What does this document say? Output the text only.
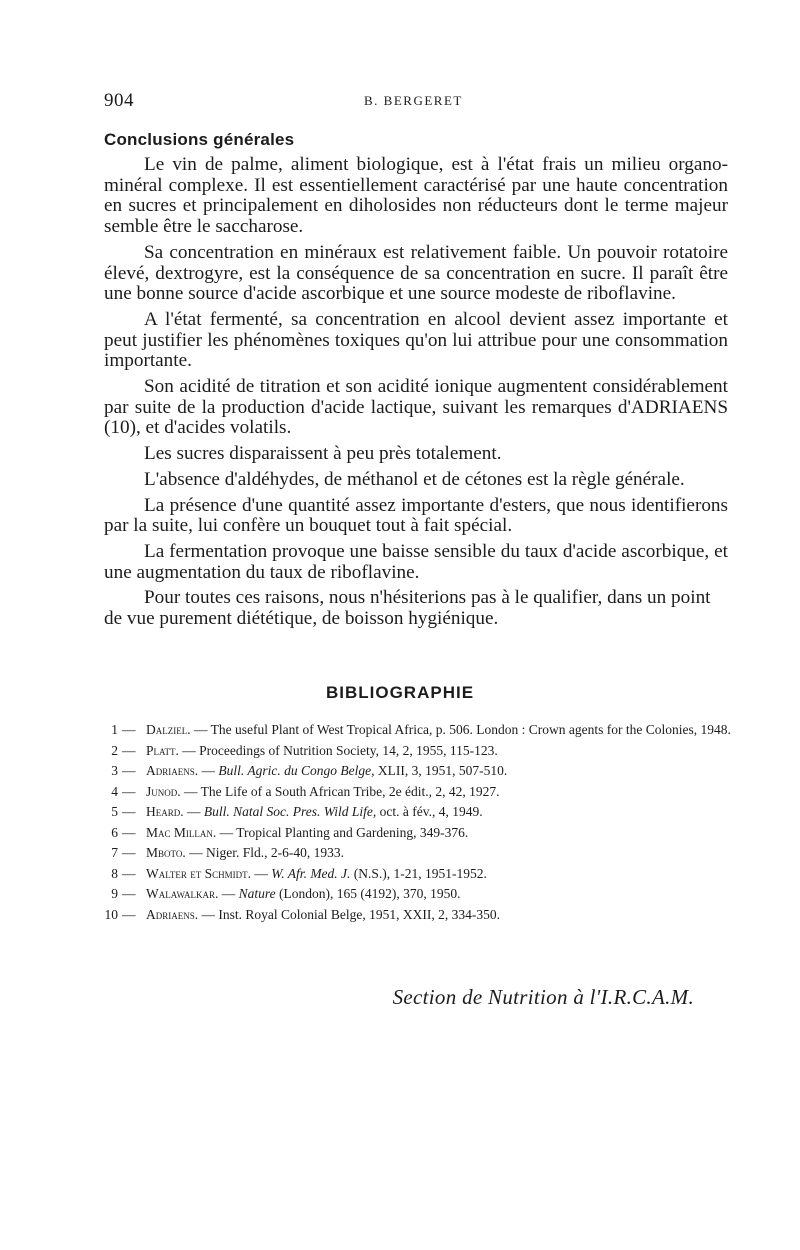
904	B. BERGERET
Conclusions générales

Le vin de palme, aliment biologique, est à l'état frais un milieu organo-minéral complexe. Il est essentiellement caractérisé par une haute concentration en sucres et principalement en diholosides non réducteurs dont le terme majeur semble être le saccharose.

Sa concentration en minéraux est relativement faible. Un pouvoir rotatoire élevé, dextrogyre, est la conséquence de sa concentration en sucre. Il paraît être une bonne source d'acide ascorbique et une source modeste de riboflavine.

A l'état fermenté, sa concentration en alcool devient assez importante et peut justifier les phénomènes toxiques qu'on lui attribue pour une consommation importante.

Son acidité de titration et son acidité ionique augmentent considérablement par suite de la production d'acide lactique, suivant les remarques d'ADRIAENS (10), et d'acides volatils.

Les sucres disparaissent à peu près totalement.

L'absence d'aldéhydes, de méthanol et de cétones est la règle générale.

La présence d'une quantité assez importante d'esters, que nous identifierons par la suite, lui confère un bouquet tout à fait spécial.

La fermentation provoque une baisse sensible du taux d'acide ascorbique, et une augmentation du taux de riboflavine.

Pour toutes ces raisons, nous n'hésiterions pas à le qualifier, dans un point de vue purement diététique, de boisson hygiénique.

BIBLIOGRAPHIE
1 — Dalziel. — The useful Plant of West Tropical Africa, p. 506. London : Crown agents for the Colonies, 1948.
2 — Platt. — Proceedings of Nutrition Society, 14, 2, 1955, 115-123.
3 — Adriaens. — Bull. Agric. du Congo Belge, XLII, 3, 1951, 507-510.
4 — Junod. — The Life of a South African Tribe, 2e édit., 2, 42, 1927.
5 — Heard. — Bull. Natal Soc. Pres. Wild Life, oct. à fév., 4, 1949.
6 — Mac Millan. — Tropical Planting and Gardening, 349-376.
7 — Mboto. — Niger. Fld., 2-6-40, 1933.
8 — Walter et Schmidt. — W. Afr. Med. J. (N.S.), 1-21, 1951-1952.
9 — Walawalkar. — Nature (London), 165 (4192), 370, 1950.
10 — Adriaens. — Inst. Royal Colonial Belge, 1951, XXII, 2, 334-350.
Section de Nutrition à l'I.R.C.A.M.
